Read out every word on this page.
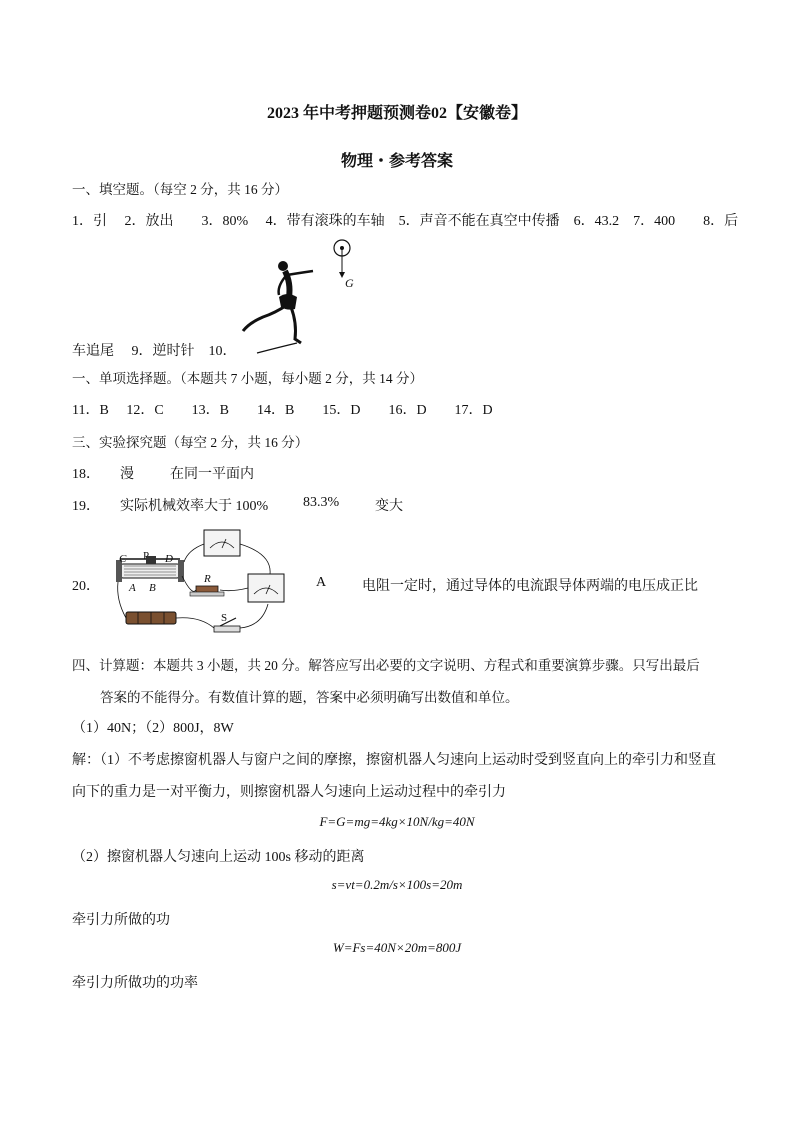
2023 年中考押题预测卷02【安徽卷】
物理・参考答案
一、填空题。（每空 2 分，共 16 分）
1．引　 2．放出　　3．80%　 4．带有滚珠的车轴　5．声音不能在真空中传播　6．43.2　7．400　　8．后
G
车追尾　 9．逆时针　10．
一、单项选择题。（本题共 7 小题，每小题 2 分，共 14 分）
11．B　 12．C　　13．B　　14．B　　15．D　　16．D　　17．D
三、实验探究题（每空 2 分，共 16 分）
18． 漫	在同一平面内
19． 实际机械效率大于 100% 83.3%	变大
20．
C P D
A B
R
S
A	电阻一定时，通过导体的电流跟导体两端的电压成正比
四、计算题：本题共 3 小题，共 20 分。解答应写出必要的文字说明、方程式和重要演算步骤。只写出最后
答案的不能得分。有数值计算的题，答案中必须明确写出数值和单位。
（1）40N；（2）800J，8W
解：（1）不考虑擦窗机器人与窗户之间的摩擦，擦窗机器人匀速向上运动时受到竖直向上的牵引力和竖直
向下的重力是一对平衡力，则擦窗机器人匀速向上运动过程中的牵引力
F=G=mg=4kg×10N/kg=40N
（2）擦窗机器人匀速向上运动 100s 移动的距离
s=vt=0.2m/s×100s=20m
牵引力所做的功
W=Fs=40N×20m=800J
牵引力所做功的功率
